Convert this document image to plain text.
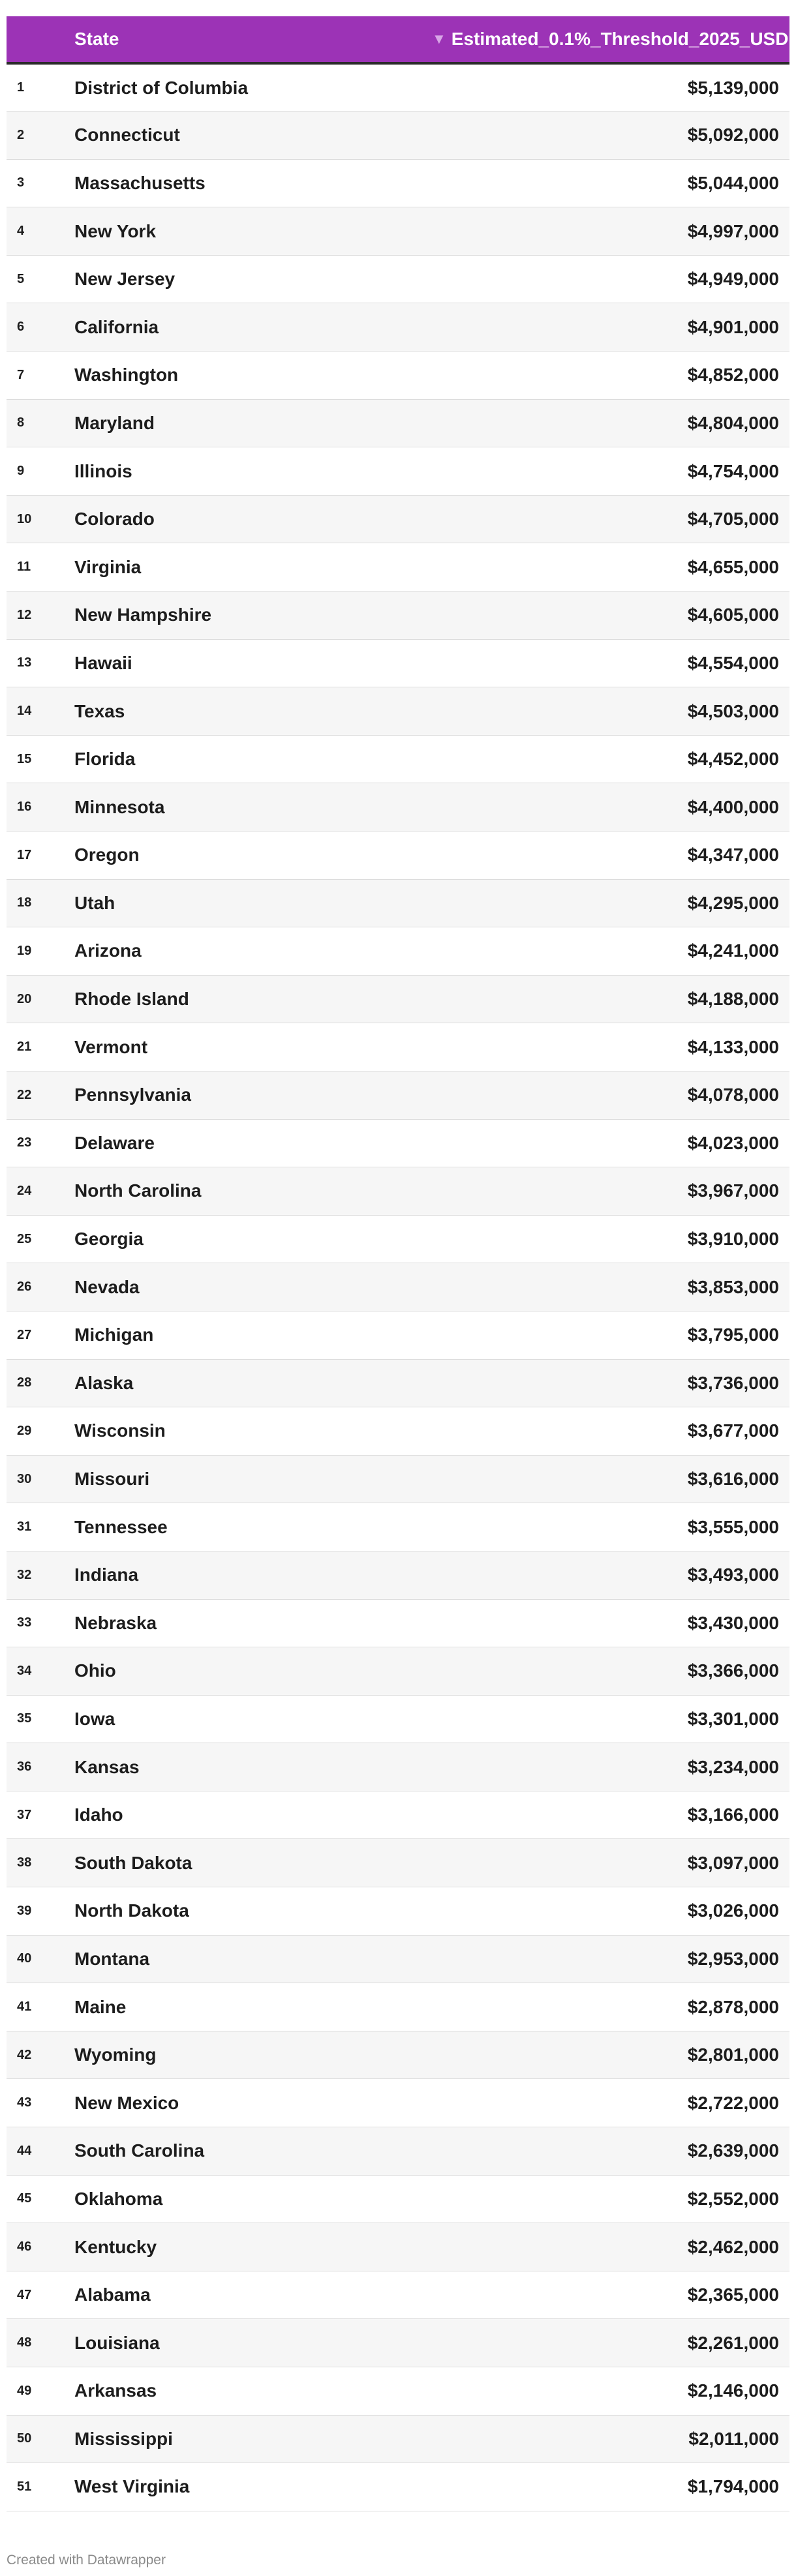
	State	▼ Estimated_0.1%_Threshold_2025_USD
1	District of Columbia	$5,139,000
2	Connecticut	$5,092,000
3	Massachusetts	$5,044,000
4	New York	$4,997,000
5	New Jersey	$4,949,000
6	California	$4,901,000
7	Washington	$4,852,000
8	Maryland	$4,804,000
9	Illinois	$4,754,000
10	Colorado	$4,705,000
11	Virginia	$4,655,000
12	New Hampshire	$4,605,000
13	Hawaii	$4,554,000
14	Texas	$4,503,000
15	Florida	$4,452,000
16	Minnesota	$4,400,000
17	Oregon	$4,347,000
18	Utah	$4,295,000
19	Arizona	$4,241,000
20	Rhode Island	$4,188,000
21	Vermont	$4,133,000
22	Pennsylvania	$4,078,000
23	Delaware	$4,023,000
24	North Carolina	$3,967,000
25	Georgia	$3,910,000
26	Nevada	$3,853,000
27	Michigan	$3,795,000
28	Alaska	$3,736,000
29	Wisconsin	$3,677,000
30	Missouri	$3,616,000
31	Tennessee	$3,555,000
32	Indiana	$3,493,000
33	Nebraska	$3,430,000
34	Ohio	$3,366,000
35	Iowa	$3,301,000
36	Kansas	$3,234,000
37	Idaho	$3,166,000
38	South Dakota	$3,097,000
39	North Dakota	$3,026,000
40	Montana	$2,953,000
41	Maine	$2,878,000
42	Wyoming	$2,801,000
43	New Mexico	$2,722,000
44	South Carolina	$2,639,000
45	Oklahoma	$2,552,000
46	Kentucky	$2,462,000
47	Alabama	$2,365,000
48	Louisiana	$2,261,000
49	Arkansas	$2,146,000
50	Mississippi	$2,011,000
51	West Virginia	$1,794,000
Created with Datawrapper
